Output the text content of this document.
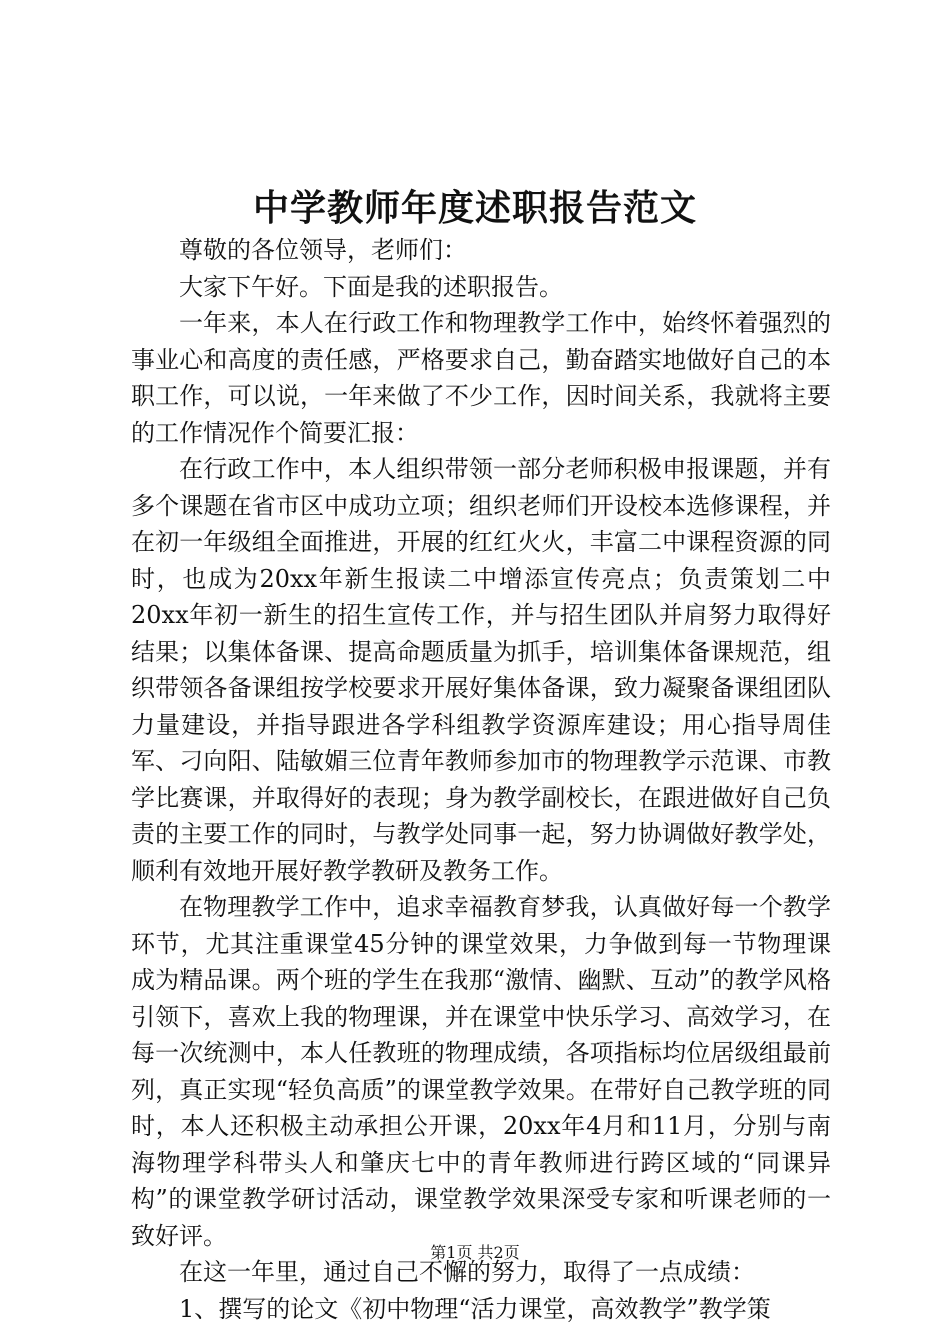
中学教师年度述职报告范文

尊敬的各位领导，老师们：

大家下午好。下面是我的述职报告。

一年来，本人在行政工作和物理教学工作中，始终怀着强烈的事业心和高度的责任感，严格要求自己，勤奋踏实地做好自己的本职工作，可以说，一年来做了不少工作，因时间关系，我就将主要的工作情况作个简要汇报：

在行政工作中，本人组织带领一部分老师积极申报课题，并有多个课题在省市区中成功立项；组织老师们开设校本选修课程，并在初一年级组全面推进，开展的红红火火，丰富二中课程资源的同时，也成为20xx年新生报读二中增添宣传亮点；负责策划二中20xx年初一新生的招生宣传工作，并与招生团队并肩努力取得好结果；以集体备课、提高命题质量为抓手，培训集体备课规范，组织带领各备课组按学校要求开展好集体备课，致力凝聚备课组团队力量建设，并指导跟进各学科组教学资源库建设；用心指导周佳军、刁向阳、陆敏媚三位青年教师参加市的物理教学示范课、市教学比赛课，并取得好的表现；身为教学副校长，在跟进做好自己负责的主要工作的同时，与教学处同事一起，努力协调做好教学处，顺利有效地开展好教学教研及教务工作。

在物理教学工作中，追求幸福教育梦我，认真做好每一个教学环节，尤其注重课堂45分钟的课堂效果，力争做到每一节物理课成为精品课。两个班的学生在我那“激情、幽默、互动”的教学风格引领下，喜欢上我的物理课，并在课堂中快乐学习、高效学习，在每一次统测中，本人任教班的物理成绩，各项指标均位居级组最前列，真正实现“轻负高质”的课堂教学效果。在带好自己教学班的同时，本人还积极主动承担公开课，20xx年4月和11月，分别与南海物理学科带头人和肇庆七中的青年教师进行跨区域的“同课异构”的课堂教学研讨活动，课堂教学效果深受专家和听课老师的一致好评。

在这一年里，通过自己不懈的努力，取得了一点成绩：

1、撰写的论文《初中物理“活力课堂，高效教学”教学策

第1页 共2页
